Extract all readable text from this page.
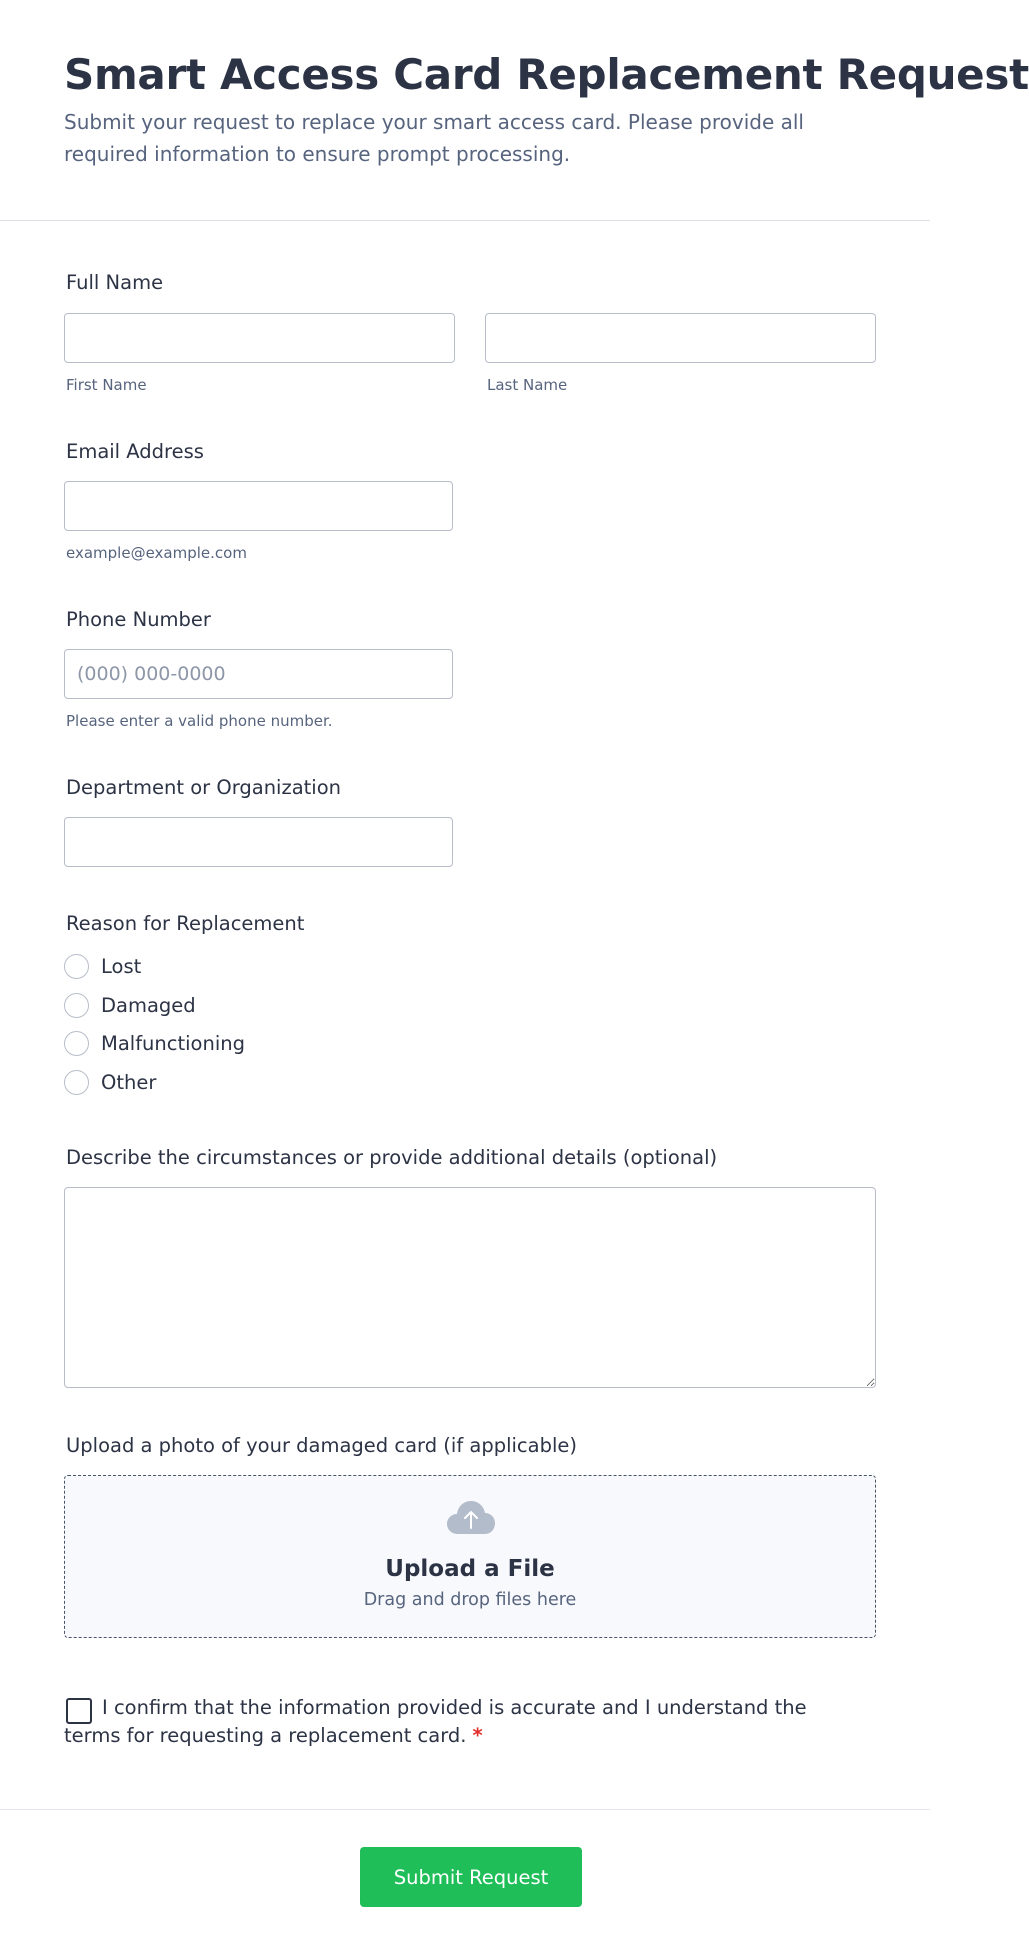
Smart Access Card Replacement Request
Submit your request to replace your smart access card. Please provide all required information to ensure prompt processing.
Full Name
First Name	Last Name
Email Address
example@example.com
Phone Number
(000) 000-0000
Please enter a valid phone number.
Department or Organization
Reason for Replacement
Lost
Damaged
Malfunctioning
Other
Describe the circumstances or provide additional details (optional)
Upload a photo of your damaged card (if applicable)
Upload a File
Drag and drop files here
I confirm that the information provided is accurate and I understand the terms for requesting a replacement card. *
Submit Request
